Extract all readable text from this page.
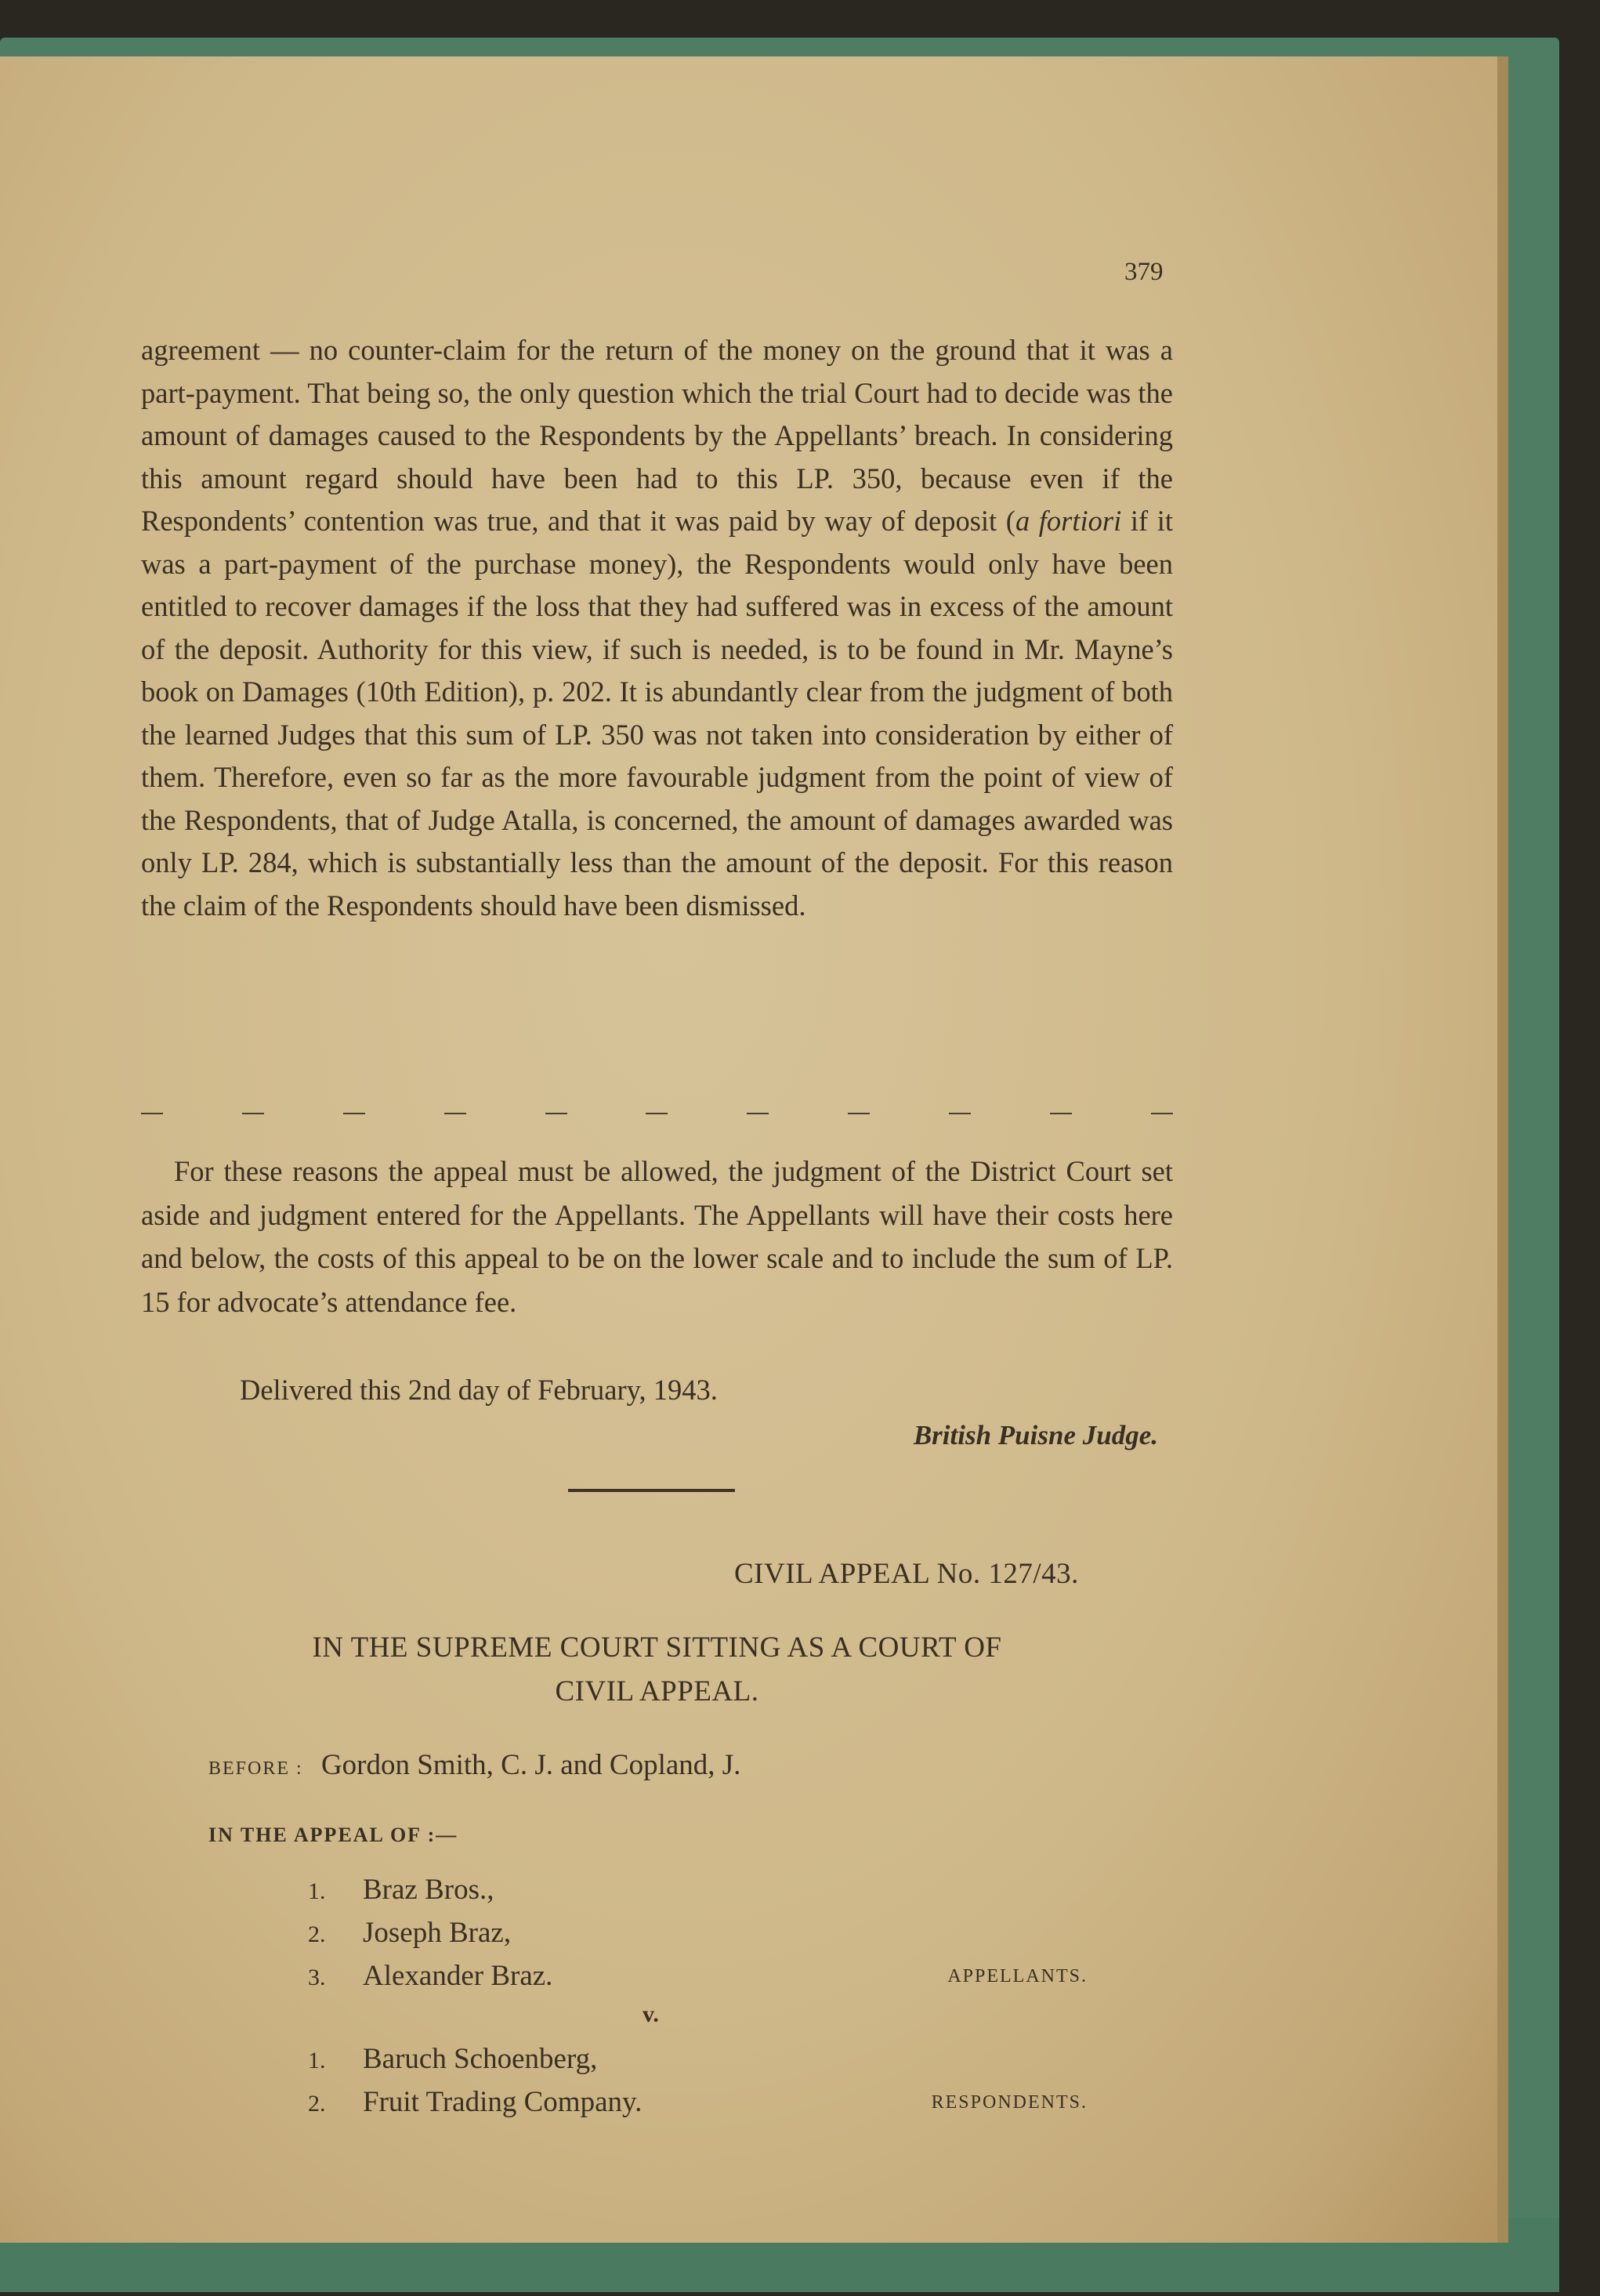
379

agreement — no counter-claim for the return of the money on the ground that it was a part-payment. That being so, the only question which the trial Court had to decide was the amount of damages caused to the Respondents by the Appellants’ breach. In considering this amount regard should have been had to this LP. 350, because even if the Respondents’ contention was true, and that it was paid by way of deposit (a fortiori if it was a part-payment of the purchase money), the Respondents would only have been entitled to recover damages if the loss that they had suffered was in excess of the amount of the deposit. Authority for this view, if such is needed, is to be found in Mr. Mayne’s book on Damages (10th Edition), p. 202. It is abundantly clear from the judgment of both the learned Judges that this sum of LP. 350 was not taken into consideration by either of them. Therefore, even so far as the more favourable judgment from the point of view of the Respondents, that of Judge Atalla, is concerned, the amount of damages awarded was only LP. 284, which is substantially less than the amount of the deposit. For this reason the claim of the Respondents should have been dismissed.

For these reasons the appeal must be allowed, the judgment of the District Court set aside and judgment entered for the Appellants. The Appellants will have their costs here and below, the costs of this appeal to be on the lower scale and to include the sum of LP. 15 for advocate’s attendance fee.

Delivered this 2nd day of February, 1943.
British Puisne Judge.
CIVIL APPEAL No. 127/43.
IN THE SUPREME COURT SITTING AS A COURT OF
CIVIL APPEAL.
BEFORE : Gordon Smith, C. J. and Copland, J.
IN THE APPEAL OF :—
1. Braz Bros.,
2. Joseph Braz,
3. Alexander Braz.	APPELLANTS.
v.
1. Baruch Schoenberg,
2. Fruit Trading Company.	RESPONDENTS.
